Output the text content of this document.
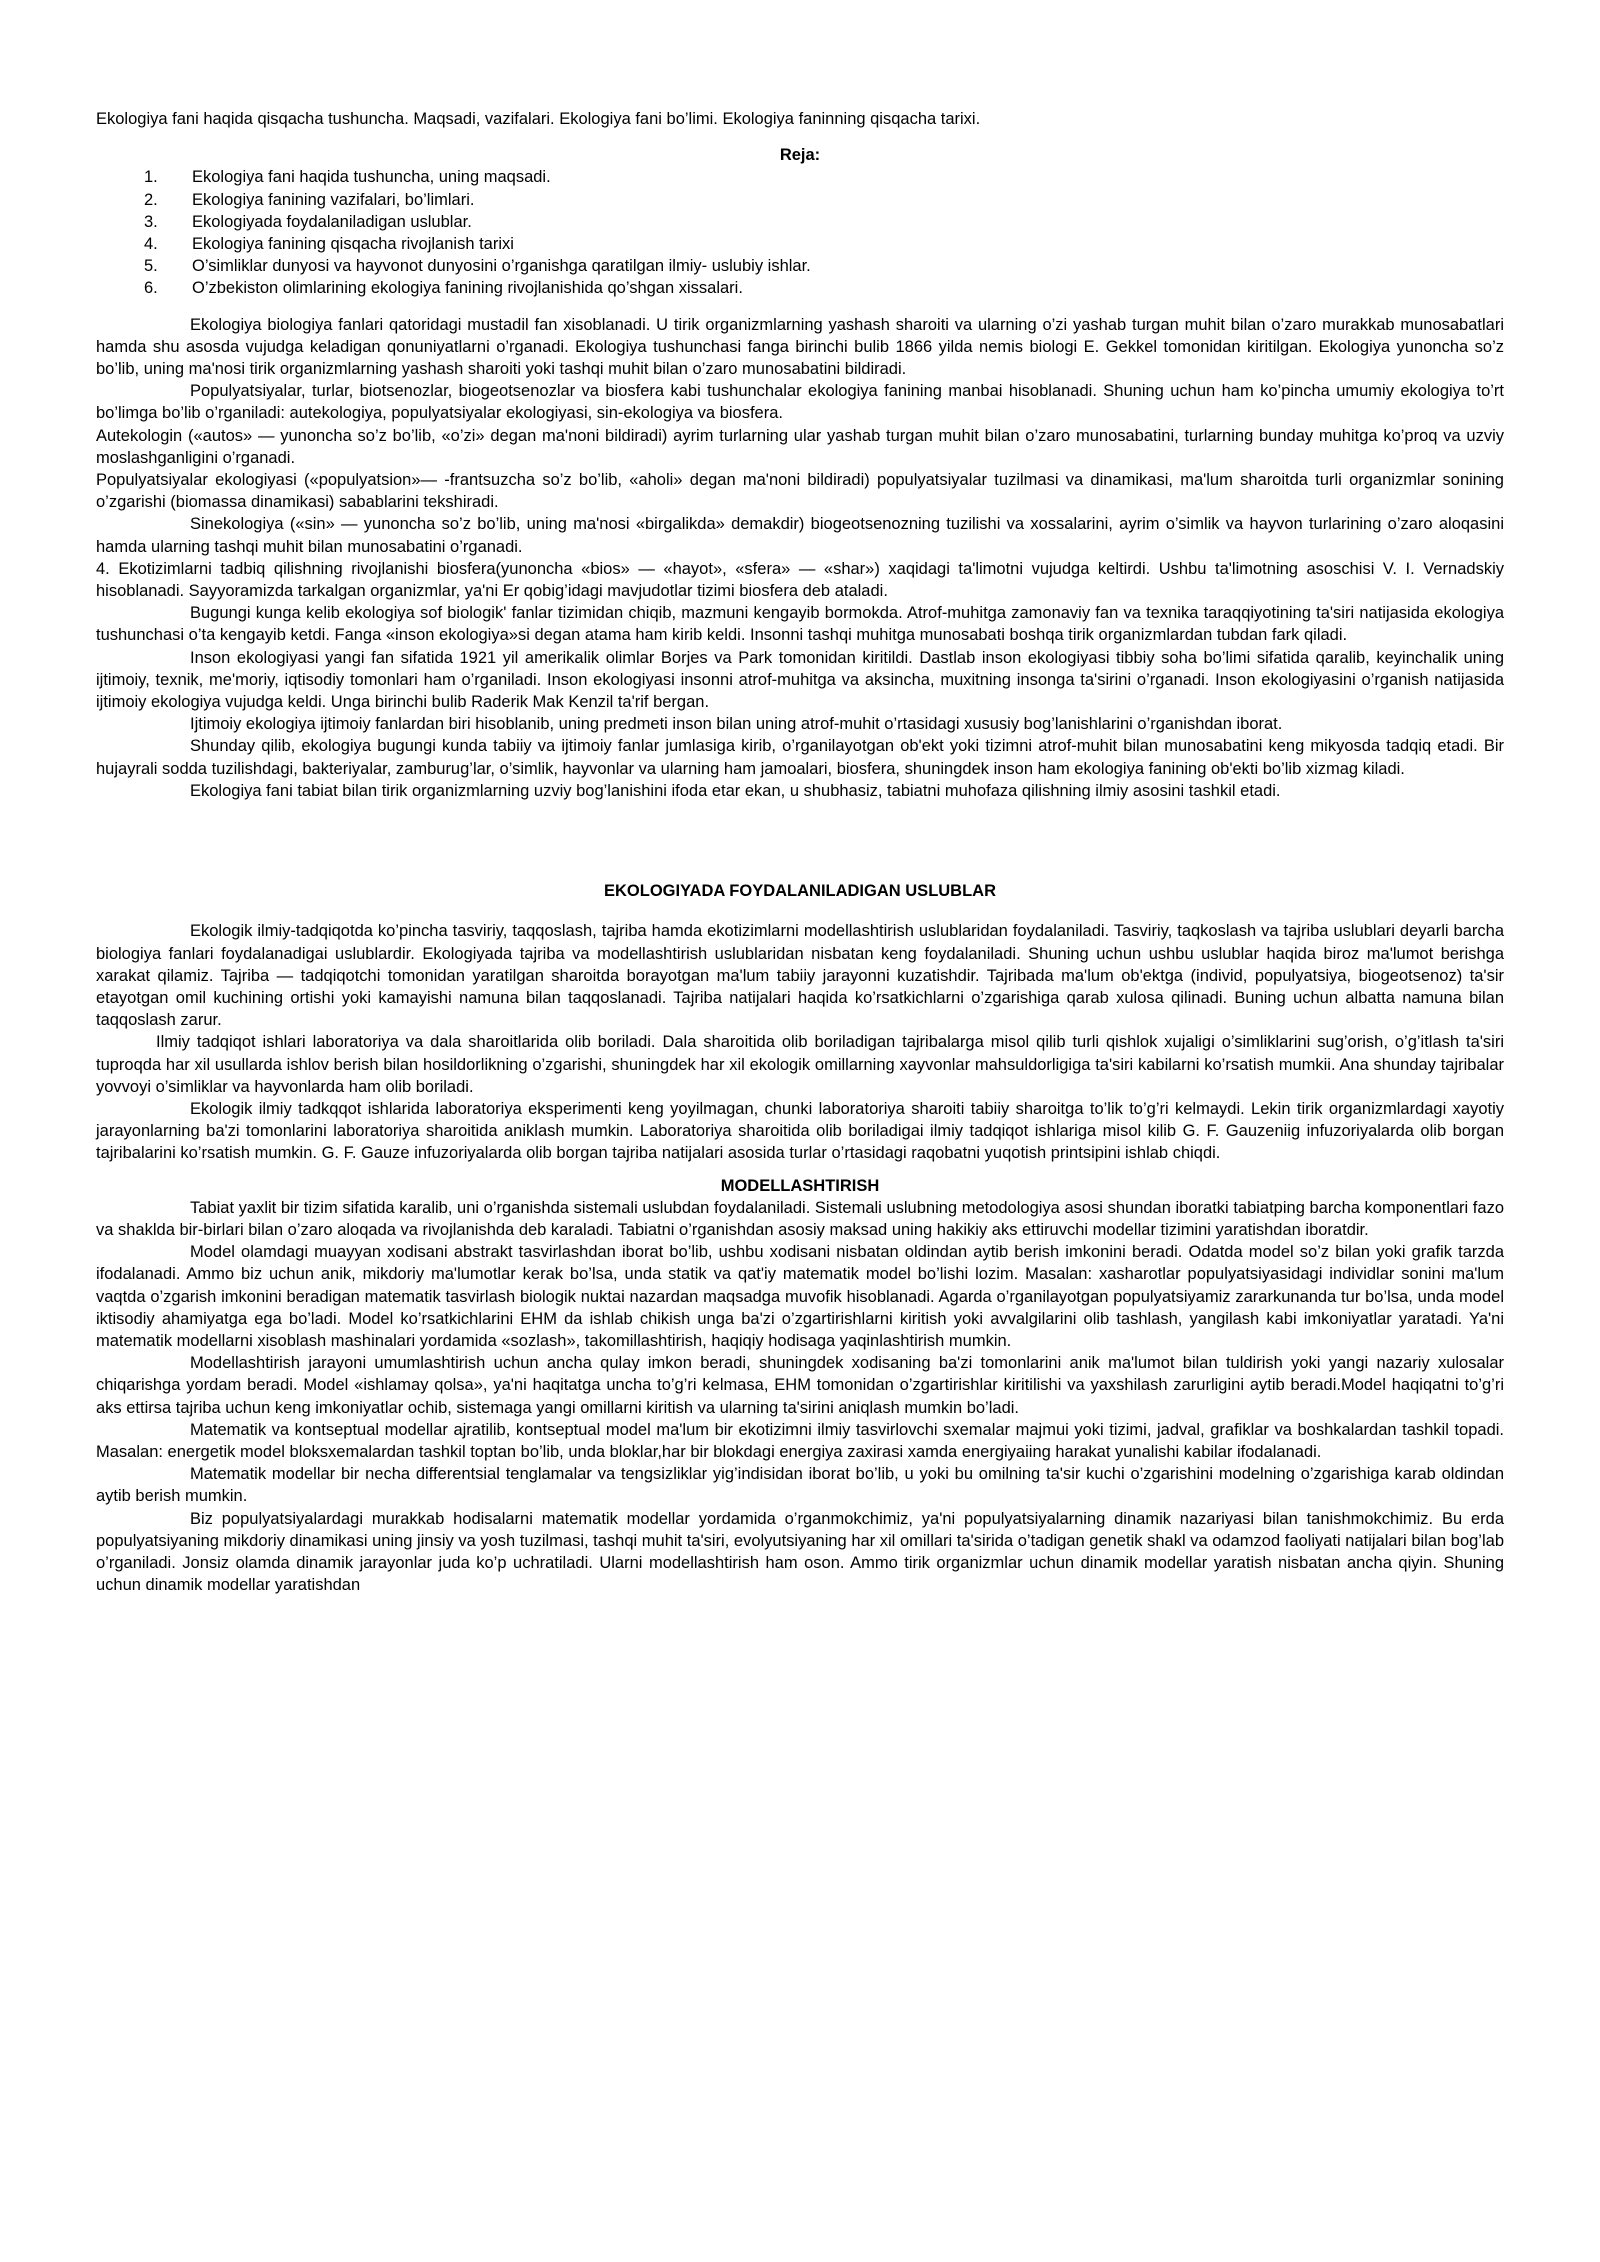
Ekologiya fani haqida qisqacha tushuncha. Maqsadi, vazifalari. Ekologiya fani bo’limi. Ekologiya faninning qisqacha tarixi.

Reja:

1.	Ekologiya fani haqida tushuncha, uning maqsadi.
2.	Ekologiya fanining vazifalari, bo’limlari.
3.	Ekologiyada foydalaniladigan uslublar.
4.	Ekologiya fanining qisqacha rivojlanish tarixi
5.	O’simliklar dunyosi va hayvonot dunyosini o’rganishga qaratilgan ilmiy- uslubiy ishlar.
6.	O’zbekiston olimlarining ekologiya fanining rivojlanishida qo’shgan xissalari.

Ekologiya biologiya fanlari qatoridagi mustadil fan xisoblanadi. U tirik organizmlarning yashash sharoiti va ularning o’zi yashab turgan muhit bilan o’zaro murakkab munosabatlari hamda shu asosda vujudga keladigan qonuniyatlarni o’rganadi. Ekologiya tushunchasi fanga birinchi bulib 1866 yilda nemis biologi E. Gekkel tomonidan kiritilgan. Ekologiya yunoncha so’z bo’lib, uning ma'nosi tirik organizmlarning yashash sharoiti yoki tashqi muhit bilan o’zaro munosabatini bildiradi.

Populyatsiyalar, turlar, biotsenozlar, biogeotsenozlar va biosfera kabi tushunchalar ekologiya fanining manbai hisoblanadi. Shuning uchun ham ko’pincha umumiy ekologiya to’rt bo’limga bo’lib o’rganiladi: autekologiya, populyatsiyalar ekologiyasi, sin-ekologiya va biosfera.

Autekologin («autos» — yunoncha so’z bo’lib, «o’zi» degan ma'noni bildiradi) ayrim turlarning ular yashab turgan muhit bilan o’zaro munosabatini, turlarning bunday muhitga ko’proq va uzviy moslashganligini o’rganadi.

Populyatsiyalar ekologiyasi («populyatsion»— -frantsuzcha so’z bo’lib, «aholi» degan ma'noni bildiradi) populyatsiyalar tuzilmasi va dinamikasi, ma'lum sharoitda turli organizmlar sonining o’zgarishi (biomassa dinamikasi) sabablarini tekshiradi.

Sinekologiya («sin» — yunoncha so’z bo’lib, uning ma'nosi «birgalikda» demakdir) biogeotsenozning tuzilishi va xossalarini, ayrim o’simlik va hayvon turlarining o’zaro aloqasini hamda ularning tashqi muhit bilan munosabatini o’rganadi.

4. Ekotizimlarni tadbiq qilishning rivojlanishi biosfera(yunoncha «bios» — «hayot», «sfera» — «shar») xaqidagi ta'limotni vujudga keltirdi. Ushbu ta'limotning asoschisi V. I. Vernadskiy hisoblanadi. Sayyoramizda tarkalgan organizmlar, ya'ni Er qobig’idagi mavjudotlar tizimi biosfera deb ataladi.

Bugungi kunga kelib ekologiya sof biologik' fanlar tizimidan chiqib, mazmuni kengayib bormokda. Atrof-muhitga zamonaviy fan va texnika taraqqiyotining ta'siri natijasida ekologiya tushunchasi o’ta kengayib ketdi. Fanga «inson ekologiya»si degan atama ham kirib keldi. Insonni tashqi muhitga munosabati boshqa tirik organizmlardan tubdan fark qiladi.

Inson ekologiyasi yangi fan sifatida 1921 yil amerikalik olimlar Borjes va Park tomonidan kiritildi. Dastlab inson ekologiyasi tibbiy soha bo’limi sifatida qaralib, keyinchalik uning ijtimoiy, texnik, me'moriy, iqtisodiy tomonlari ham o’rganiladi. Inson ekologiyasi insonni atrof-muhitga va aksincha, muxitning insonga ta'sirini o’rganadi. Inson ekologiyasini o’rganish natijasida ijtimoiy ekologiya vujudga keldi. Unga birinchi bulib Raderik Mak Kenzil ta'rif bergan.

Ijtimoiy ekologiya ijtimoiy fanlardan biri hisoblanib, uning predmeti inson bilan uning atrof-muhit o’rtasidagi xususiy bog’lanishlarini o’rganishdan iborat.

Shunday qilib, ekologiya bugungi kunda tabiiy va ijtimoiy fanlar jumlasiga kirib, o’rganilayotgan ob'ekt yoki tizimni atrof-muhit bilan munosabatini keng mikyosda tadqiq etadi. Bir hujayrali sodda tuzilishdagi, bakteriyalar, zamburug’lar, o’simlik, hayvonlar va ularning ham jamoalari, biosfera, shuningdek inson ham ekologiya fanining ob'ekti bo’lib xizmag kiladi.

Ekologiya fani tabiat bilan tirik organizmlarning uzviy bog’lanishini ifoda etar ekan, u shubhasiz, tabiatni muhofaza qilishning ilmiy asosini tashkil etadi.

EKOLOGIYADA FOYDALANILADIGAN USLUBLAR

Ekologik ilmiy-tadqiqotda ko’pincha tasviriy, taqqoslash, tajriba hamda ekotizimlarni modellashtirish uslublaridan foydalaniladi. Tasviriy, taqkoslash va tajriba uslublari deyarli barcha biologiya fanlari foydalanadigai uslublardir. Ekologiyada tajriba va modellashtirish uslublaridan nisbatan keng foydalaniladi. Shuning uchun ushbu uslublar haqida biroz ma'lumot berishga xarakat qilamiz. Tajriba — tadqiqotchi tomonidan yaratilgan sharoitda borayotgan ma'lum tabiiy jarayonni kuzatishdir. Tajribada ma'lum ob'ektga (individ, populyatsiya, biogeotsenoz) ta'sir etayotgan omil kuchining ortishi yoki kamayishi namuna bilan taqqoslanadi. Tajriba natijalari haqida ko’rsatkichlarni o’zgarishiga qarab xulosa qilinadi. Buning uchun albatta namuna bilan taqqoslash zarur.

Ilmiy tadqiqot ishlari laboratoriya va dala sharoitlarida olib boriladi. Dala sharoitida olib boriladigan tajribalarga misol qilib turli qishlok xujaligi o’simliklarini sug’orish, o’g’itlash ta'siri tuproqda har xil usullarda ishlov berish bilan hosildorlikning o’zgarishi, shuningdek har xil ekologik omillarning xayvonlar mahsuldorligiga ta'siri kabilarni ko’rsatish mumkii. Ana shunday tajribalar yovvoyi o’simliklar va hayvonlarda ham olib boriladi.

Ekologik ilmiy tadkqqot ishlarida laboratoriya eksperimenti keng yoyilmagan, chunki laboratoriya sharoiti tabiiy sharoitga to’lik to’g’ri kelmaydi. Lekin tirik organizmlardagi xayotiy jarayonlarning ba'zi tomonlarini laboratoriya sharoitida aniklash mumkin. Laboratoriya sharoitida olib boriladigai ilmiy tadqiqot ishlariga misol kilib G. F. Gauzeniig infuzoriyalarda olib borgan tajribalarini ko’rsatish mumkin. G. F. Gauze infuzoriyalarda olib borgan tajriba natijalari asosida turlar o’rtasidagi raqobatni yuqotish printsipini ishlab chiqdi.

MODELLASHTIRISH

Tabiat yaxlit bir tizim sifatida karalib, uni o’rganishda sistemali uslubdan foydalaniladi. Sistemali uslubning metodologiya asosi shundan iboratki tabiatping barcha komponentlari fazo va shaklda bir-birlari bilan o’zaro aloqada va rivojlanishda deb karaladi. Tabiatni o’rganishdan asosiy maksad uning hakikiy aks ettiruvchi modellar tizimini yaratishdan iboratdir.

Model olamdagi muayyan xodisani abstrakt tasvirlashdan iborat bo’lib, ushbu xodisani nisbatan oldindan aytib berish imkonini beradi. Odatda model so’z bilan yoki grafik tarzda ifodalanadi. Ammo biz uchun anik, mikdoriy ma'lumotlar kerak bo’lsa, unda statik va qat'iy matematik model bo’lishi lozim. Masalan: xasharotlar populyatsiyasidagi individlar sonini ma'lum vaqtda o’zgarish imkonini beradigan matematik tasvirlash biologik nuktai nazardan maqsadga muvofik hisoblanadi. Agarda o’rganilayotgan populyatsiyamiz zararkunanda tur bo’lsa, unda model iktisodiy ahamiyatga ega bo’ladi. Model ko’rsatkichlarini EHM da ishlab chikish unga ba'zi o’zgartirishlarni kiritish yoki avvalgilarini olib tashlash, yangilash kabi imkoniyatlar yaratadi. Ya'ni matematik modellarni xisoblash mashinalari yordamida «sozlash», takomillashtirish, haqiqiy hodisaga yaqinlashtirish mumkin.

Modellashtirish jarayoni umumlashtirish uchun ancha qulay imkon beradi, shuningdek xodisaning ba'zi tomonlarini anik ma'lumot bilan tuldirish yoki yangi nazariy xulosalar chiqarishga yordam beradi. Model «ishlamay qolsa», ya'ni haqitatga uncha to’g’ri kelmasa, EHM tomonidan o’zgartirishlar kiritilishi va yaxshilash zarurligini aytib beradi.Model haqiqatni to’g’ri aks ettirsa tajriba uchun keng imkoniyatlar ochib, sistemaga yangi omillarni kiritish va ularning ta'sirini aniqlash mumkin bo’ladi.

Matematik va kontseptual modellar ajratilib, kontseptual model ma'lum bir ekotizimni ilmiy tasvirlovchi sxemalar majmui yoki tizimi, jadval, grafiklar va boshkalardan tashkil topadi. Masalan: energetik model bloksxemalardan tashkil toptan bo’lib, unda bloklar,har bir blokdagi energiya zaxirasi xamda energiyaiing harakat yunalishi kabilar ifodalanadi.

Matematik modellar bir necha differentsial tenglamalar va tengsizliklar yig’indisidan iborat bo’lib, u yoki bu omilning ta'sir kuchi o’zgarishini modelning o’zgarishiga karab oldindan aytib berish mumkin.

Biz populyatsiyalardagi murakkab hodisalarni matematik modellar yordamida o’rganmokchimiz, ya'ni populyatsiyalarning dinamik nazariyasi bilan tanishmokchimiz. Bu erda populyatsiyaning mikdoriy dinamikasi uning jinsiy va yosh tuzilmasi, tashqi muhit ta'siri, evolyutsiyaning har xil omillari ta'sirida o’tadigan genetik shakl va odamzod faoliyati natijalari bilan bog’lab o’rganiladi. Jonsiz olamda dinamik jarayonlar juda ko’p uchratiladi. Ularni modellashtirish ham oson. Ammo tirik organizmlar uchun dinamik modellar yaratish nisbatan ancha qiyin. Shuning uchun dinamik modellar yaratishdan
